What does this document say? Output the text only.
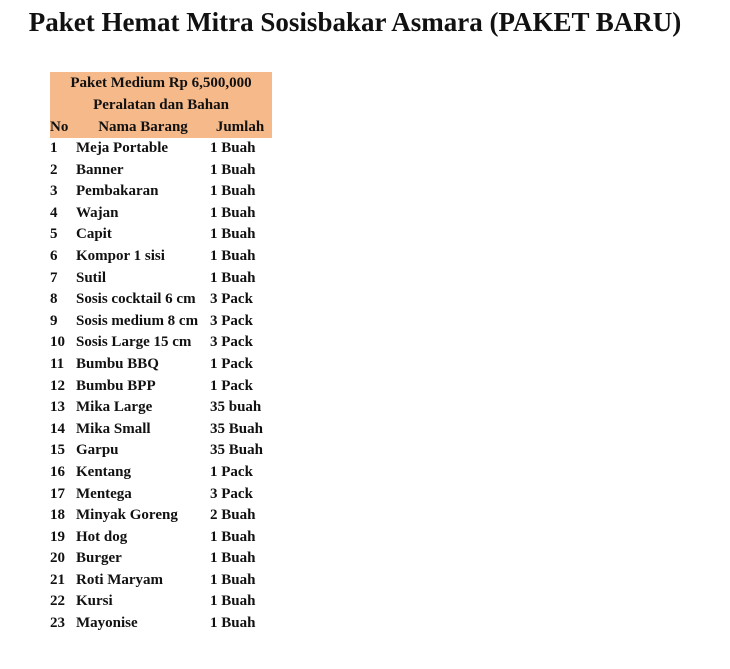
Paket Hemat Mitra Sosisbakar Asmara (PAKET BARU)
Paket Medium Rp 6,500,000
Peralatan dan Bahan
No	Nama Barang	Jumlah
1	Meja Portable	1 Buah
2	Banner	1 Buah
3	Pembakaran	1 Buah
4	Wajan	1 Buah
5	Capit	1 Buah
6	Kompor 1 sisi	1 Buah
7	Sutil	1 Buah
8	Sosis cocktail 6 cm 3 Pack
9	Sosis medium 8 cm 3 Pack
10 Sosis Large 15 cm	3 Pack
11 Bumbu BBQ	1 Pack
12 Bumbu BPP	1 Pack
13 Mika Large	35 buah
14 Mika Small	35 Buah
15 Garpu	35 Buah
16 Kentang	1 Pack
17 Mentega	3 Pack
18 Minyak Goreng	2 Buah
19 Hot dog	1 Buah
20 Burger	1 Buah
21 Roti Maryam	1 Buah
22 Kursi	1 Buah
23 Mayonise	1 Buah
